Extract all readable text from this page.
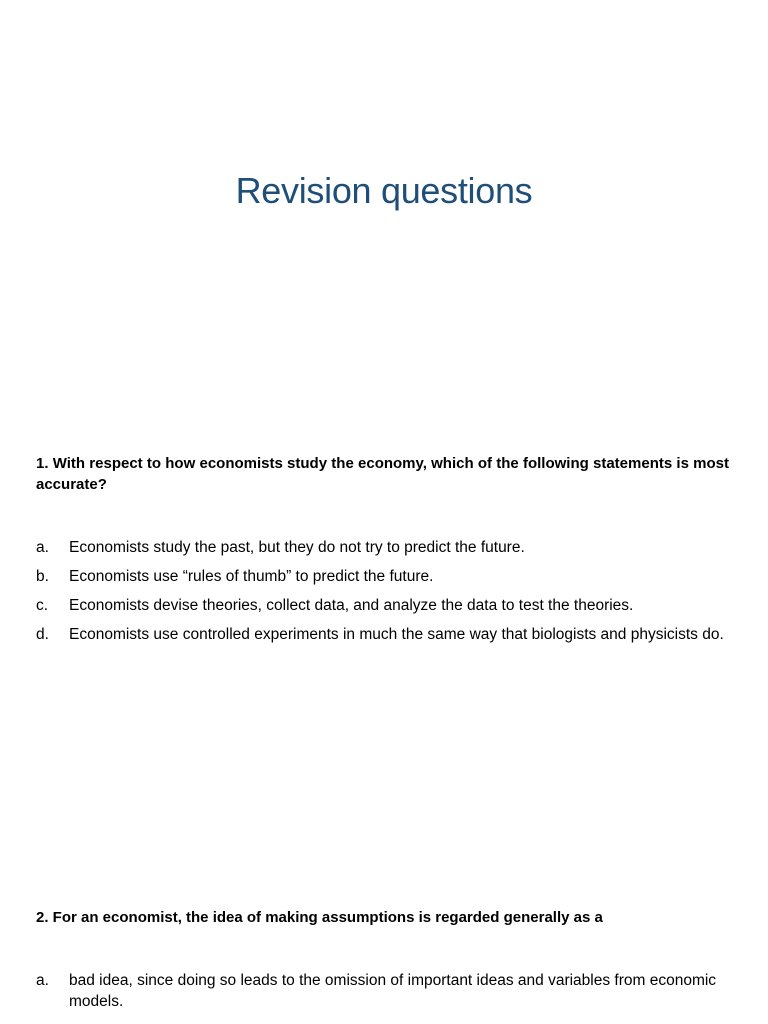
Revision questions
1. With respect to how economists study the economy, which of the following statements is most accurate?
a.	Economists study the past, but they do not try to predict the future.
b.	Economists use “rules of thumb” to predict the future.
c.	Economists devise theories, collect data, and analyze the data to test the theories.
d.	Economists use controlled experiments in much the same way that biologists and physicists do.
2. For an economist, the idea of making assumptions is regarded generally as a
a.	bad idea, since doing so leads to the omission of important ideas and variables from economic models.
